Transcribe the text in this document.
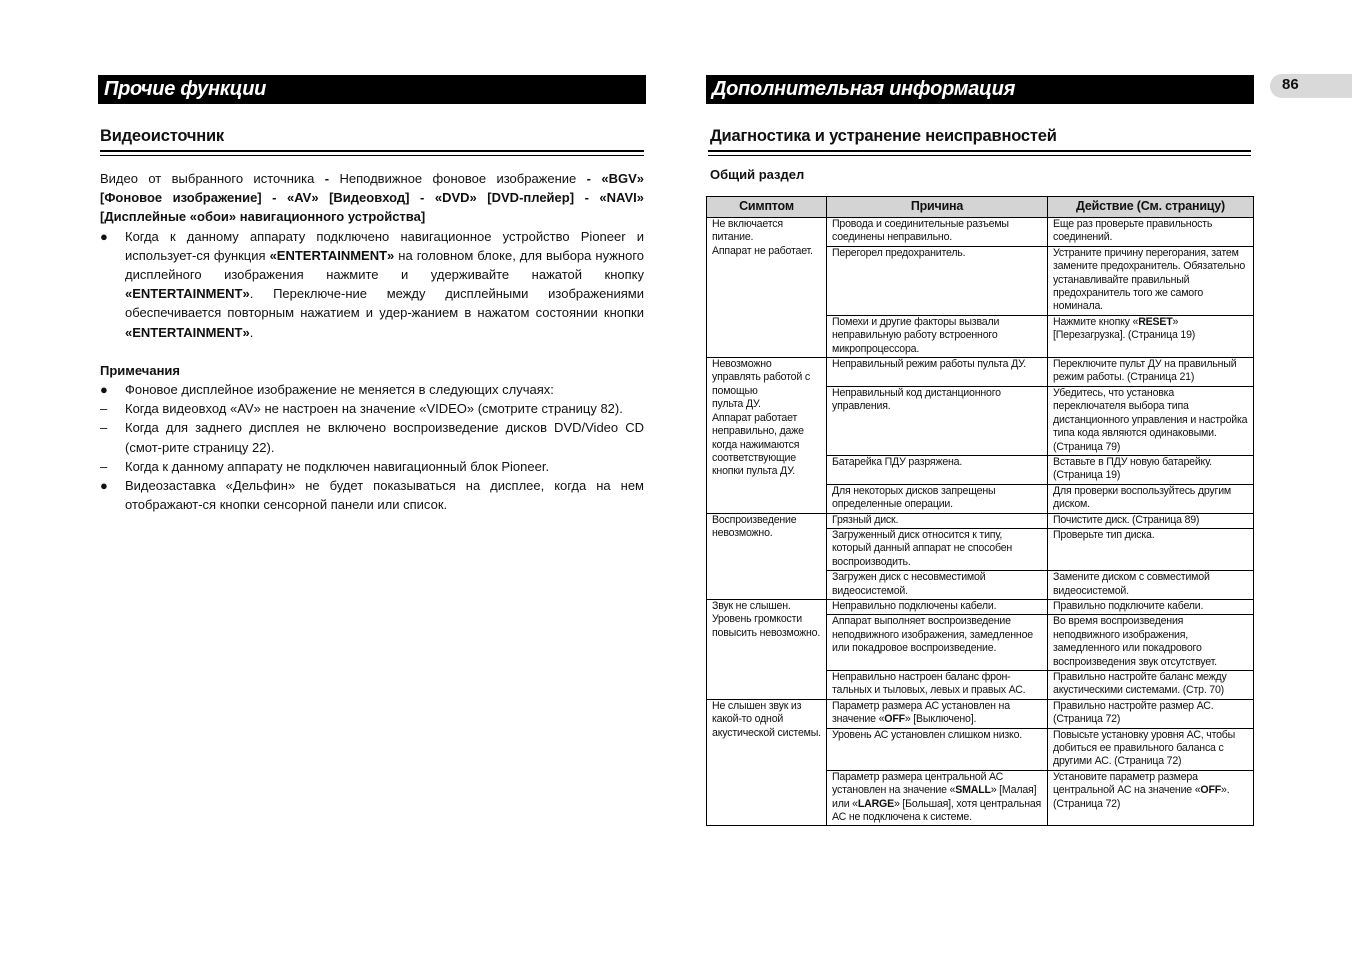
Прочие функции
Видеоисточник

Видео от выбранного источника - Неподвижное фоновое изображение - «BGV» [Фоновое изображение] - «AV» [Видеовход] - «DVD» [DVD-плейер] - «NAVI» [Дисплейные «обои» навигационного устройства]

●	Когда к данному аппарату подключено навигационное устройство Pioneer и использует-ся функция «ENTERTAINMENT» на головном блоке, для выбора нужного дисплейного изображения нажмите и удерживайте нажатой кнопку «ENTERTAINMENT». Переключе-ние между дисплейными изображениями обеспечивается повторным нажатием и удер-жанием в нажатом состоянии кнопки «ENTERTAINMENT».
Примечания
●	Фоновое дисплейное изображение не меняется в следующих случаях:
–	Когда видеовход «AV» не настроен на значение «VIDEO» (смотрите страницу 82).
–	Когда для заднего дисплея не включено воспроизведение дисков DVD/Video CD (смот-рите страницу 22).
–	Когда к данному аппарату не подключен навигационный блок Pioneer.
●	Видеозаставка «Дельфин» не будет показываться на дисплее, когда на нем отображают-ся кнопки сенсорной панели или список.
Дополнительная информация	86
Диагностика и устранение неисправностей
Общий раздел
Симптом	Причина	Действие (См. страницу)
Не включается питание.
Аппарат не работает.	Провода и соединительные разъемы соединены неправильно.	Еще раз проверьте правильность соединений.
	Перегорел предохранитель.	Устраните причину перегорания, затем замените предохранитель. Обязательно устанавливайте правильный предохранитель того же самого номинала.
	Помехи и другие факторы вызвали неправильную работу встроенного микропроцессора.	Нажмите кнопку «RESET» [Перезагрузка]. (Страница 19)
Невозможно управлять работой с помощью
пульта ДУ.
Аппарат работает неправильно, даже когда нажимаются соответствующие кнопки пульта ДУ.	Неправильный режим работы пульта ДУ.	Переключите пульт ДУ на правильный режим работы. (Страница 21)
	Неправильный код дистанционного управления.	Убедитесь, что установка переключателя выбора типа дистанционного управления и настройка типа кода являются одинаковыми. (Страница 79)
	Батарейка ПДУ разряжена.	Вставьте в ПДУ новую батарейку. (Страница 19)
	Для некоторых дисков запрещены определенные операции.	Для проверки воспользуйтесь другим диском.
Воспроизведение невозможно.	Грязный диск.	Почистите диск. (Страница 89)
	Загруженный диск относится к типу, который данный аппарат не способен воспроизводить.	Проверьте тип диска.
	Загружен диск с несовместимой видеосистемой.	Замените диском с совместимой видеосистемой.
Звук не слышен.
Уровень громкости повысить невозможно.	Неправильно подключены кабели.	Правильно подключите кабели.
	Аппарат выполняет воспроизведение неподвижного изображения, замедленное или покадровое воспроизведение.	Во время воспроизведения неподвижного изображения, замедленного или покадрового воспроизведения звук отсутствует.
	Неправильно настроен баланс фрон-тальных и тыловых, левых и правых АС.	Правильно настройте баланс между акустическими системами. (Стр. 70)
Не слышен звук из какой-то одной акустической системы.	Параметр размера АС установлен на значение «OFF» [Выключено].	Правильно настройте размер АС. (Страница 72)
	Уровень АС установлен слишком низко.	Повысьте установку уровня АС, чтобы добиться ее правильного баланса с другими АС. (Страница 72)
	Параметр размера центральной АС установлен на значение «SMALL» [Малая] или «LARGE» [Большая], хотя центральная АС не подключена к системе.	Установите параметр размера центральной АС на значение «OFF». (Страница 72)
